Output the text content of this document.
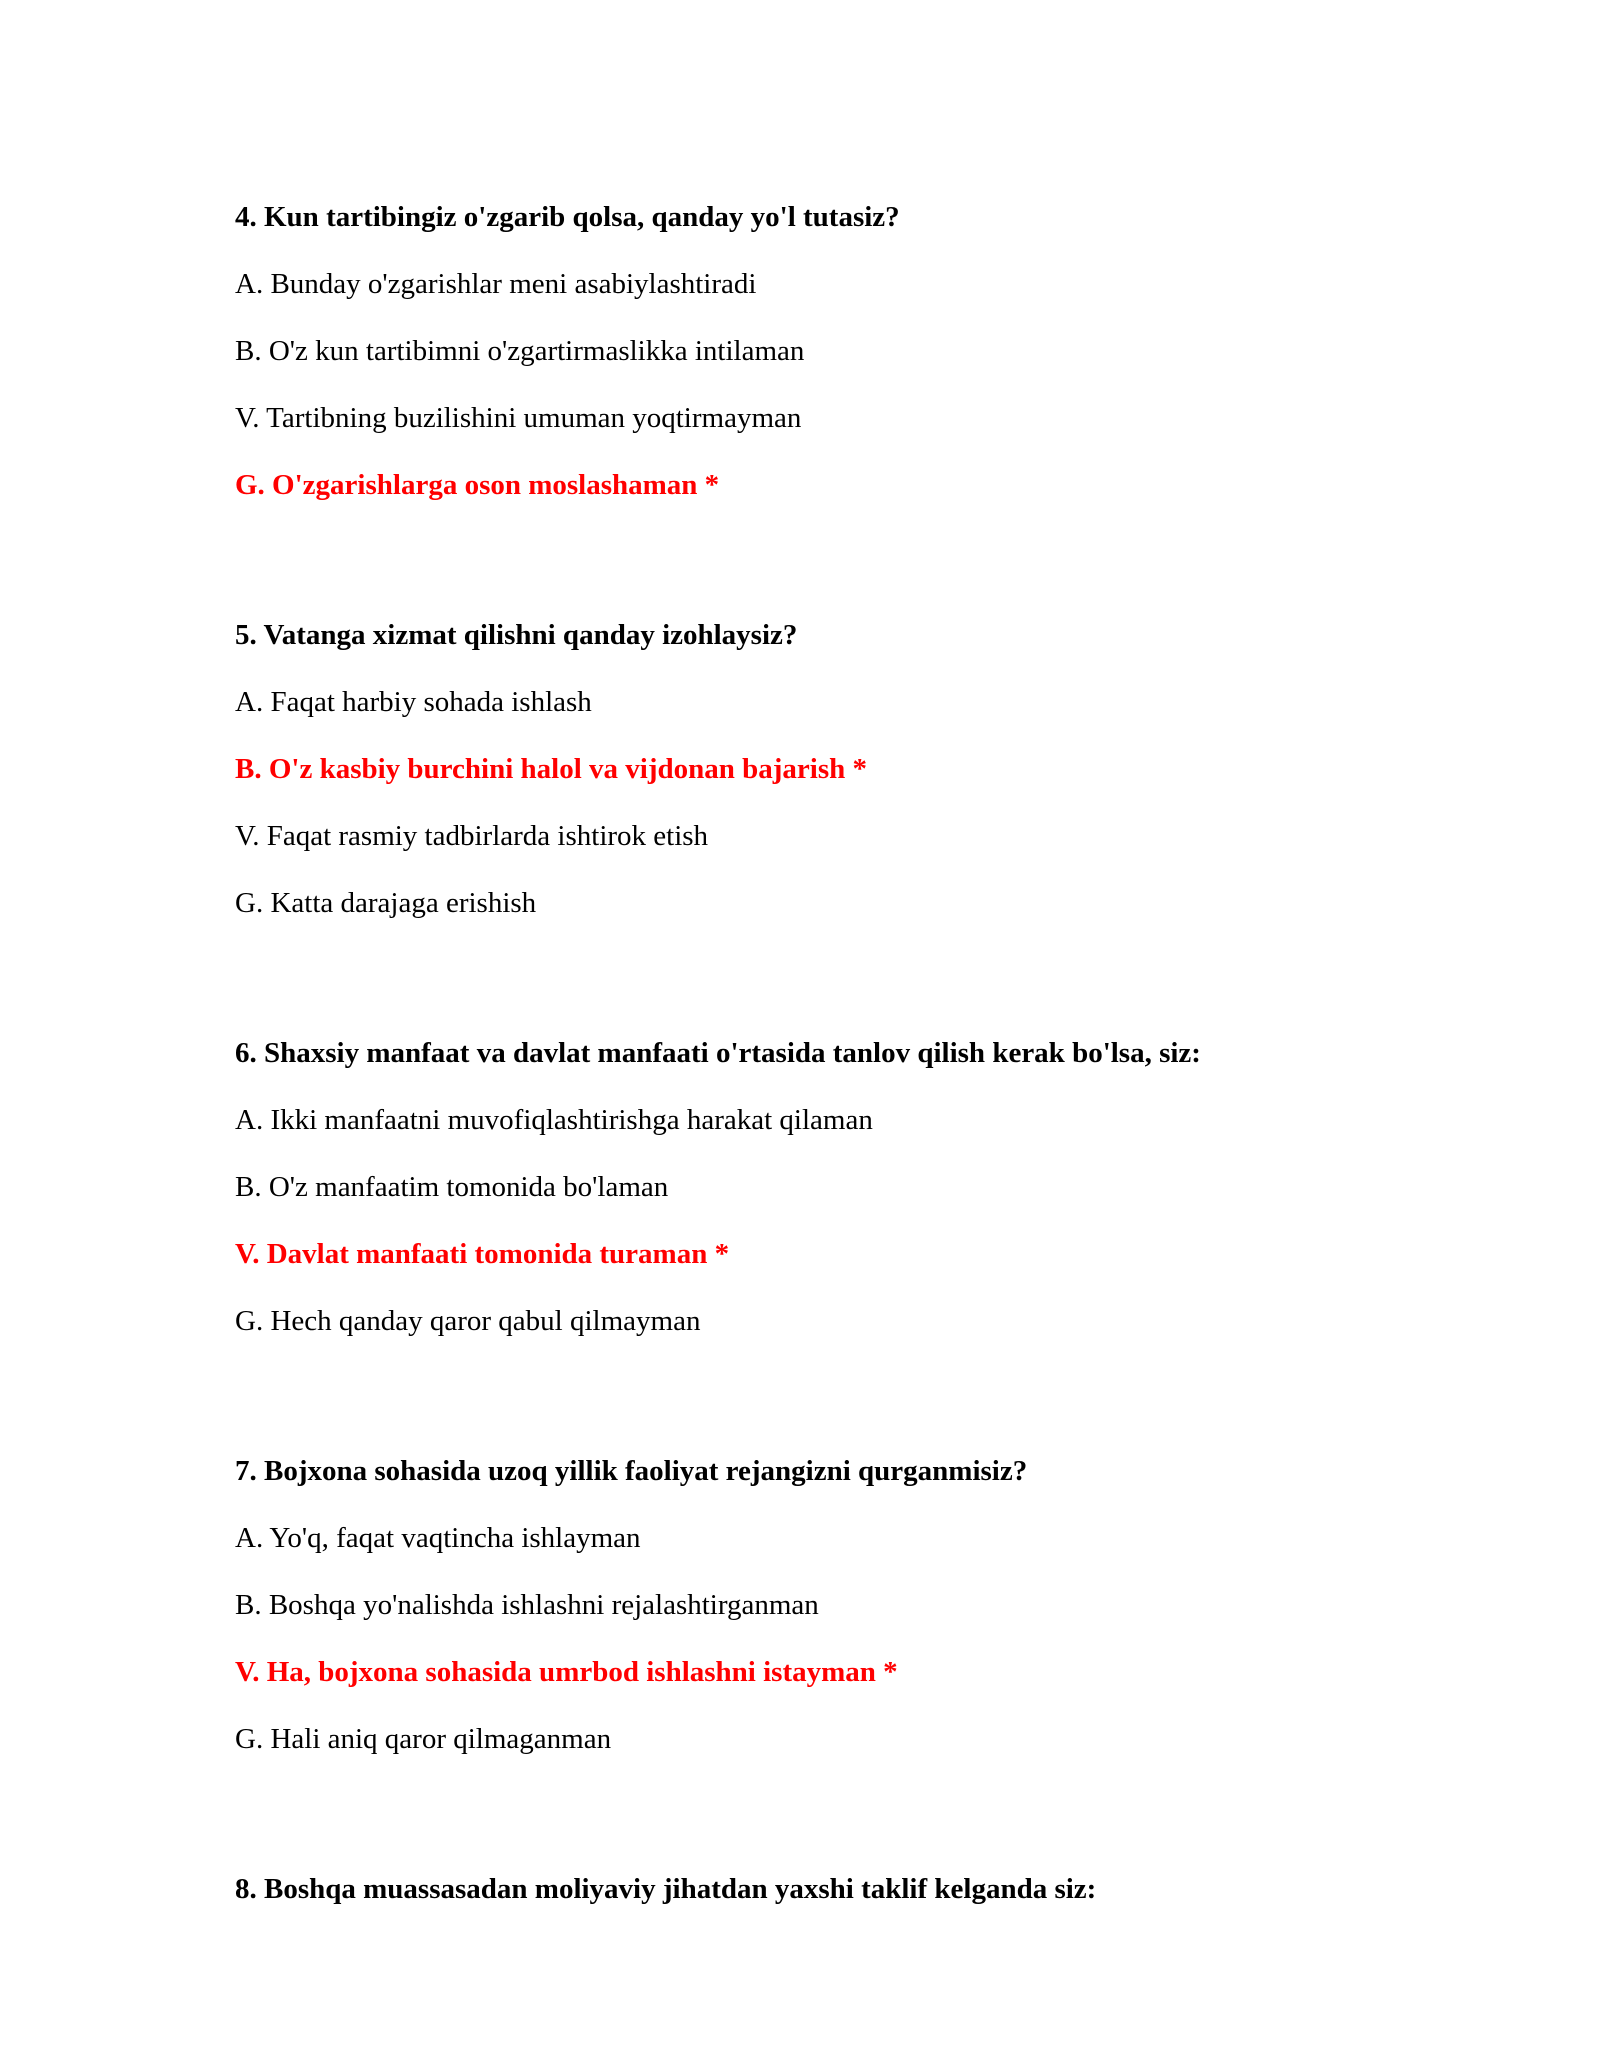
4. Kun tartibingiz o'zgarib qolsa, qanday yo'l tutasiz?

A. Bunday o'zgarishlar meni asabiylashtiradi

B. O'z kun tartibimni o'zgartirmaslikka intilaman

V. Tartibning buzilishini umuman yoqtirmayman

G. O'zgarishlarga oson moslashaman *

5. Vatanga xizmat qilishni qanday izohlaysiz?

A. Faqat harbiy sohada ishlash

B. O'z kasbiy burchini halol va vijdonan bajarish *

V. Faqat rasmiy tadbirlarda ishtirok etish

G. Katta darajaga erishish

6. Shaxsiy manfaat va davlat manfaati o'rtasida tanlov qilish kerak bo'lsa, siz:

A. Ikki manfaatni muvofiqlashtirishga harakat qilaman

B. O'z manfaatim tomonida bo'laman

V. Davlat manfaati tomonida turaman *

G. Hech qanday qaror qabul qilmayman

7. Bojxona sohasida uzoq yillik faoliyat rejangizni qurganmisiz?

A. Yo'q, faqat vaqtincha ishlayman

B. Boshqa yo'nalishda ishlashni rejalashtirganman

V. Ha, bojxona sohasida umrbod ishlashni istayman *

G. Hali aniq qaror qilmaganman

8. Boshqa muassasadan moliyaviy jihatdan yaxshi taklif kelganda siz:
